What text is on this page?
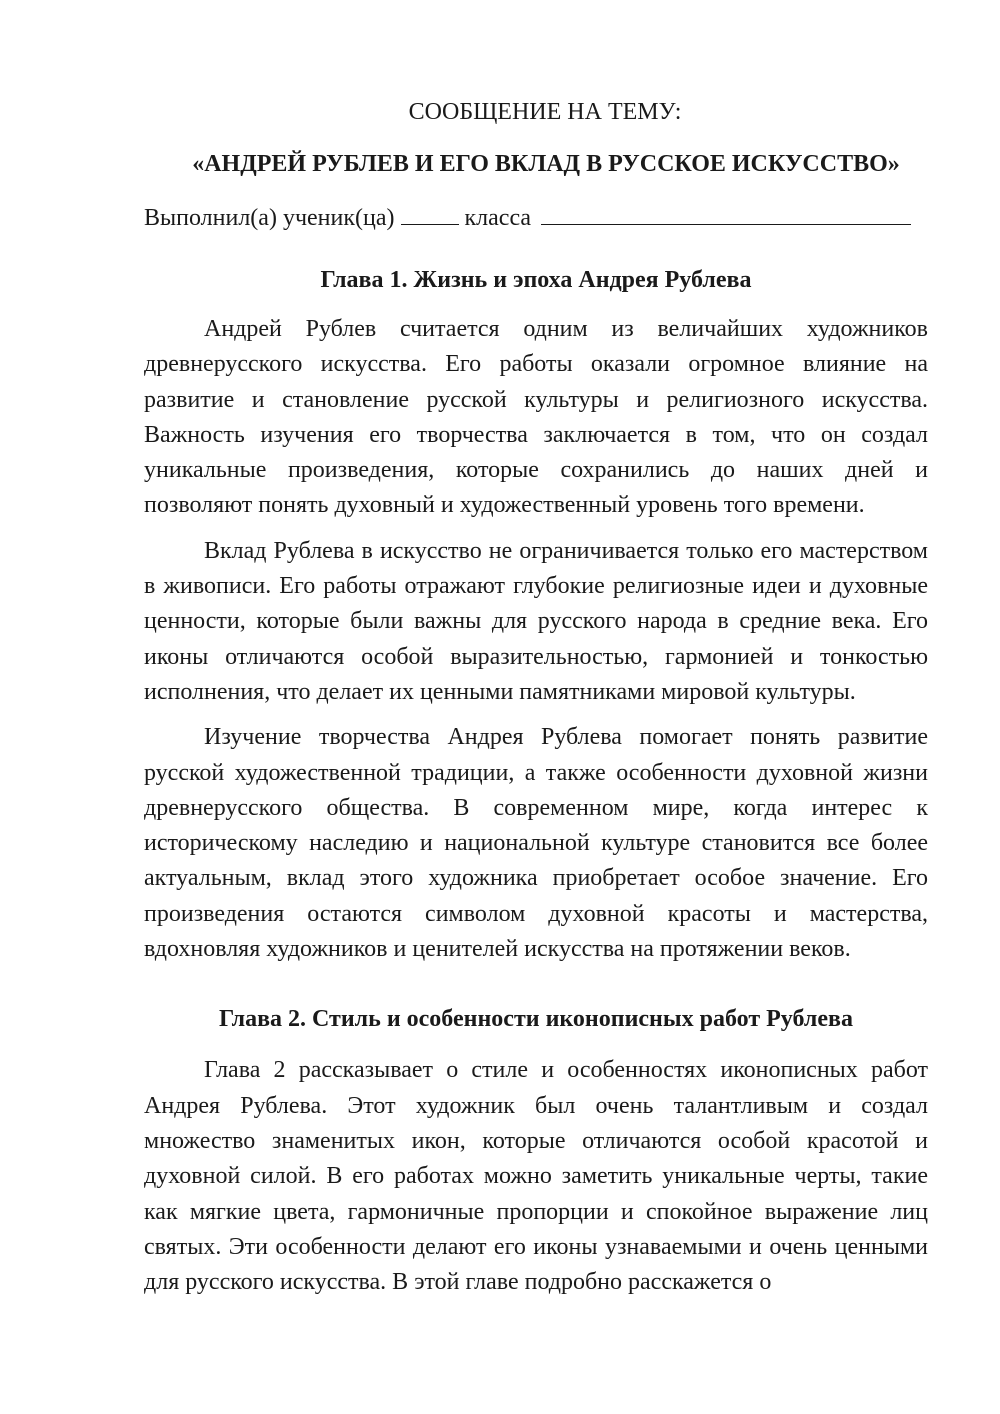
СООБЩЕНИЕ НА ТЕМУ:

«АНДРЕЙ РУБЛЕВ И ЕГО ВКЛАД В РУССКОЕ ИСКУССТВО»

Выполнил(а) ученик(ца)	класса
Глава 1. Жизнь и эпоха Андрея Рублева

Андрей Рублев считается одним из величайших художников древнерусского искусства. Его работы оказали огромное влияние на развитие и становление русской культуры и религиозного искусства. Важность изучения его творчества заключается в том, что он создал уникальные произведения, которые сохранились до наших дней и позволяют понять духовный и художественный уровень того времени.

Вклад Рублева в искусство не ограничивается только его мастерством в живописи. Его работы отражают глубокие религиозные идеи и духовные ценности, которые были важны для русского народа в средние века. Его иконы отличаются особой выразительностью, гармонией и тонкостью исполнения, что делает их ценными памятниками мировой культуры.

Изучение творчества Андрея Рублева помогает понять развитие русской художественной традиции, а также особенности духовной жизни древнерусского общества. В современном мире, когда интерес к историческому наследию и национальной культуре становится все более актуальным, вклад этого художника приобретает особое значение. Его произведения остаются символом духовной красоты и мастерства, вдохновляя художников и ценителей искусства на протяжении веков.

Глава 2. Стиль и особенности иконописных работ Рублева

Глава 2 рассказывает о стиле и особенностях иконописных работ Андрея Рублева. Этот художник был очень талантливым и создал множество знаменитых икон, которые отличаются особой красотой и духовной силой. В его работах можно заметить уникальные черты, такие как мягкие цвета, гармоничные пропорции и спокойное выражение лиц святых. Эти особенности делают его иконы узнаваемыми и очень ценными для русского искусства. В этой главе подробно расскажется о
